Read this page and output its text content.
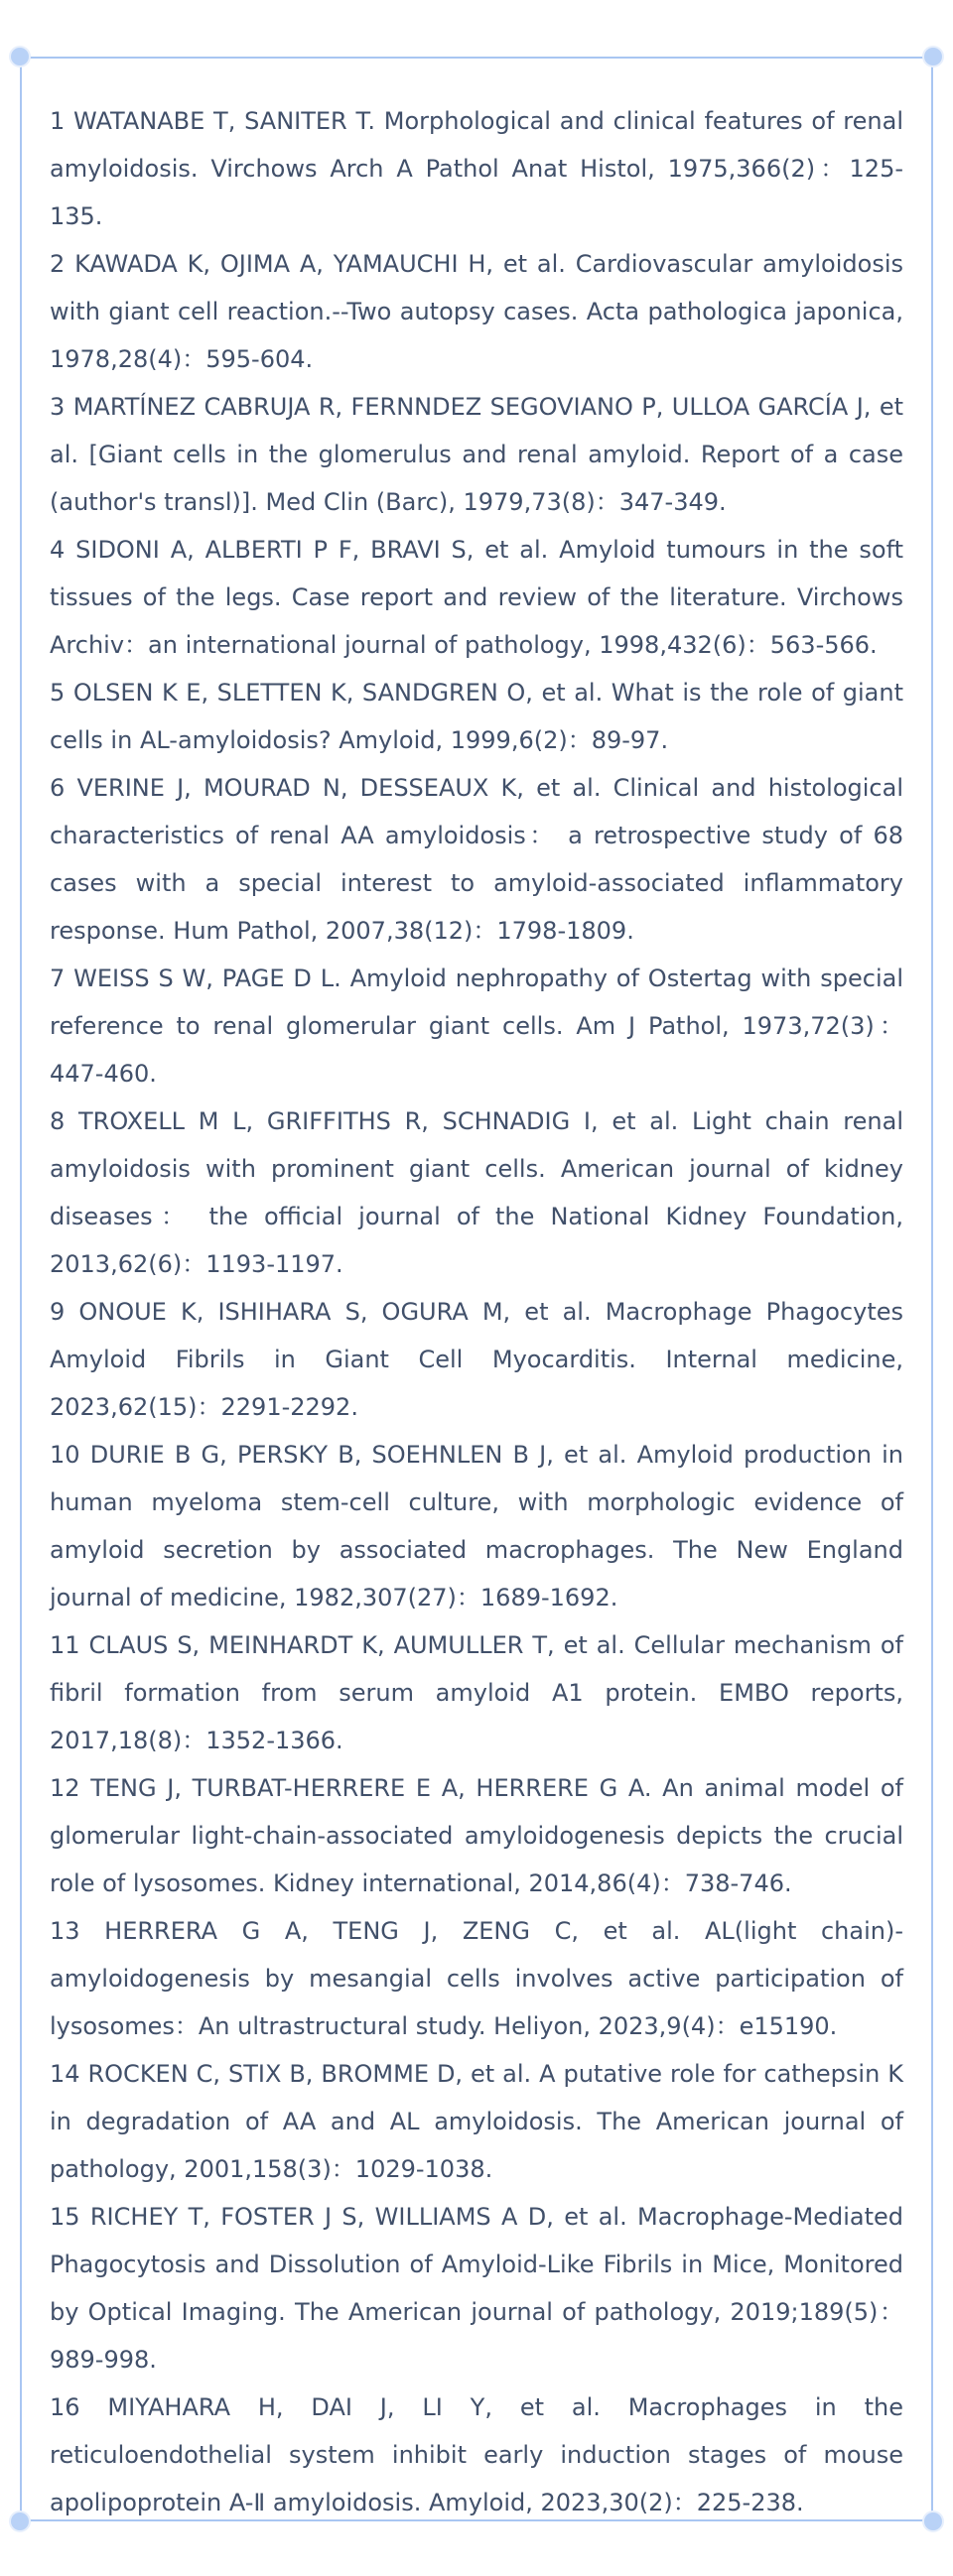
1 WATANABE T, SANITER T. Morphological and clinical features of renal amyloidosis. Virchows Arch A Pathol Anat Histol, 1975,366(2)：125-135.
2 KAWADA K, OJIMA A, YAMAUCHI H, et al. Cardiovascular amyloidosis with giant cell reaction.--Two autopsy cases. Acta pathologica japonica, 1978,28(4)：595-604.
3 MARTÍNEZ CABRUJA R, FERNNDEZ SEGOVIANO P, ULLOA GARCÍA J, et al. [Giant cells in the glomerulus and renal amyloid. Report of a case (author's transl)]. Med Clin (Barc), 1979,73(8)：347-349.
4 SIDONI A, ALBERTI P F, BRAVI S, et al. Amyloid tumours in the soft tissues of the legs. Case report and review of the literature. Virchows Archiv：an international journal of pathology, 1998,432(6)：563-566.
5 OLSEN K E, SLETTEN K, SANDGREN O, et al. What is the role of giant cells in AL-amyloidosis? Amyloid, 1999,6(2)：89-97.
6 VERINE J, MOURAD N, DESSEAUX K, et al. Clinical and histological characteristics of renal AA amyloidosis： a retrospective study of 68 cases with a special interest to amyloid-associated inflammatory response. Hum Pathol, 2007,38(12)：1798-1809.
7 WEISS S W, PAGE D L. Amyloid nephropathy of Ostertag with special reference to renal glomerular giant cells. Am J Pathol, 1973,72(3)：447-460.
8 TROXELL M L, GRIFFITHS R, SCHNADIG I, et al. Light chain renal amyloidosis with prominent giant cells. American journal of kidney diseases： the official journal of the National Kidney Foundation, 2013,62(6)：1193-1197.
9 ONOUE K, ISHIHARA S, OGURA M, et al. Macrophage Phagocytes Amyloid Fibrils in Giant Cell Myocarditis. Internal medicine, 2023,62(15)：2291-2292.
10 DURIE B G, PERSKY B, SOEHNLEN B J, et al. Amyloid production in human myeloma stem-cell culture, with morphologic evidence of amyloid secretion by associated macrophages. The New England journal of medicine, 1982,307(27)：1689-1692.
11 CLAUS S, MEINHARDT K, AUMULLER T, et al. Cellular mechanism of fibril formation from serum amyloid A1 protein. EMBO reports, 2017,18(8)：1352-1366.
12 TENG J, TURBAT-HERRERE E A, HERRERE G A. An animal model of glomerular light-chain-associated amyloidogenesis depicts the crucial role of lysosomes. Kidney international, 2014,86(4)：738-746.
13 HERRERA G A, TENG J, ZENG C, et al. AL(light chain)-amyloidogenesis by mesangial cells involves active participation of lysosomes：An ultrastructural study. Heliyon, 2023,9(4)：e15190.
14 ROCKEN C, STIX B, BROMME D, et al. A putative role for cathepsin K in degradation of AA and AL amyloidosis. The American journal of pathology, 2001,158(3)：1029-1038.
15 RICHEY T, FOSTER J S, WILLIAMS A D, et al. Macrophage-Mediated Phagocytosis and Dissolution of Amyloid-Like Fibrils in Mice, Monitored by Optical Imaging. The American journal of pathology, 2019;189(5)：989-998.
16 MIYAHARA H, DAI J, LI Y, et al. Macrophages in the reticuloendothelial system inhibit early induction stages of mouse apolipoprotein A-Ⅱ amyloidosis. Amyloid, 2023,30(2)：225-238.
